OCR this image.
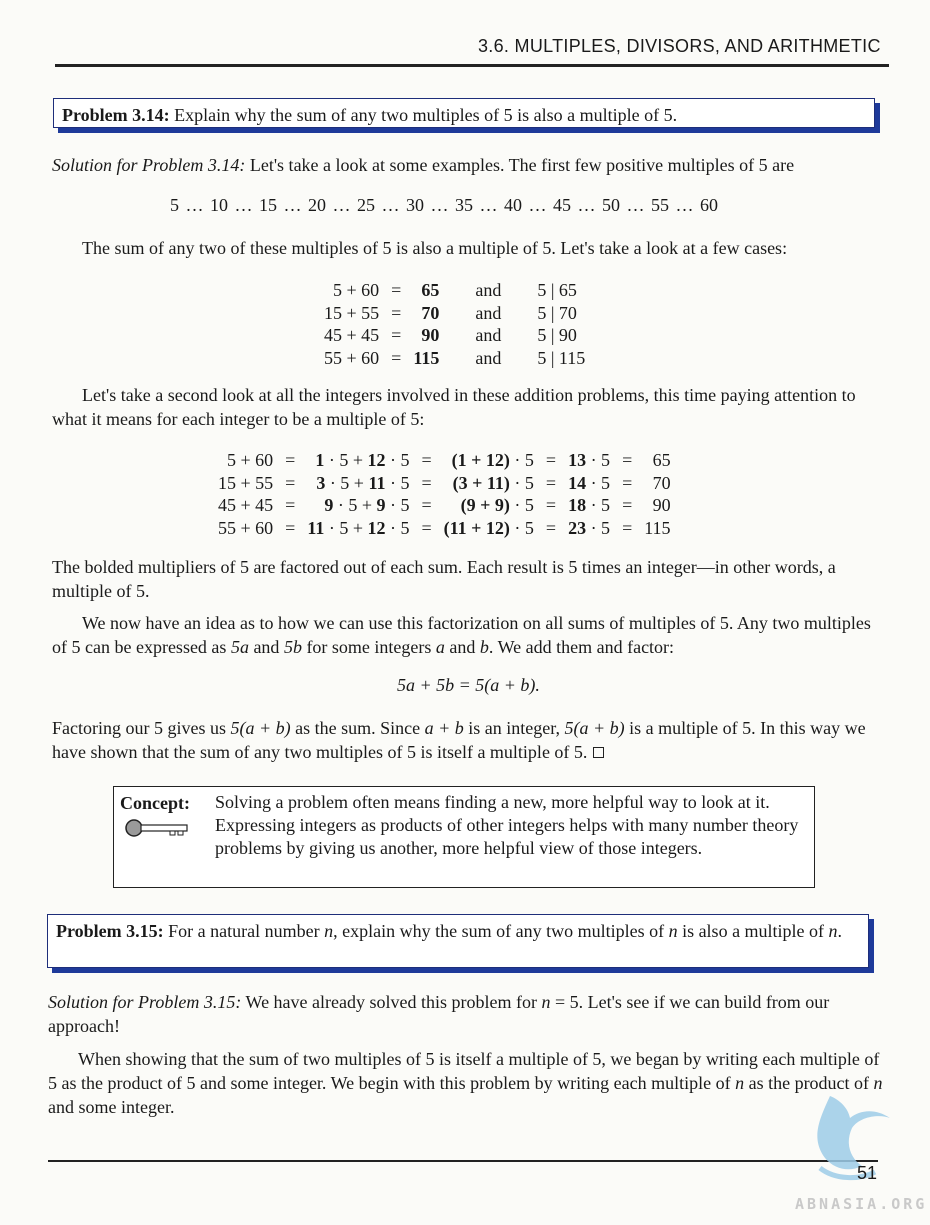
3.6. MULTIPLES, DIVISORS, AND ARITHMETIC
Problem 3.14: Explain why the sum of any two multiples of 5 is also a multiple of 5.
Solution for Problem 3.14: Let's take a look at some examples. The first few positive multiples of 5 are
5 … 10 … 15 … 20 … 25 … 30 … 35 … 40 … 45 … 50 … 55 … 60
The sum of any two of these multiples of 5 is also a multiple of 5. Let's take a look at a few cases:
5 + 60	=	65	and	5 | 65
15 + 55	=	70	and	5 | 70
45 + 45	=	90	and	5 | 90
55 + 60	=	115	and	5 | 115
Let's take a second look at all the integers involved in these addition problems, this time paying attention to what it means for each integer to be a multiple of 5:
5 + 60	=	1 · 5 + 12 · 5	=	(1 + 12) · 5	=	13 · 5	=	65
15 + 55	=	3 · 5 + 11 · 5	=	(3 + 11) · 5	=	14 · 5	=	70
45 + 45	=	9 · 5 + 9 · 5	=	(9 + 9) · 5	=	18 · 5	=	90
55 + 60	=	11 · 5 + 12 · 5	=	(11 + 12) · 5	=	23 · 5	=	115
The bolded multipliers of 5 are factored out of each sum. Each result is 5 times an integer—in other words, a multiple of 5.
We now have an idea as to how we can use this factorization on all sums of multiples of 5. Any two multiples of 5 can be expressed as 5a and 5b for some integers a and b. We add them and factor:
5a + 5b = 5(a + b).
Factoring our 5 gives us 5(a + b) as the sum. Since a + b is an integer, 5(a + b) is a multiple of 5. In this way we have shown that the sum of any two multiples of 5 is itself a multiple of 5.
Concept: Solving a problem often means finding a new, more helpful way to look at it. Expressing integers as products of other integers helps with many number theory problems by giving us another, more helpful view of those integers.
Problem 3.15: For a natural number n, explain why the sum of any two multiples of n is also a multiple of n.
Solution for Problem 3.15: We have already solved this problem for n = 5. Let's see if we can build from our approach!
When showing that the sum of two multiples of 5 is itself a multiple of 5, we began by writing each multiple of 5 as the product of 5 and some integer. We begin with this problem by writing each multiple of n as the product of n and some integer.
51
ABNASIA.ORG
